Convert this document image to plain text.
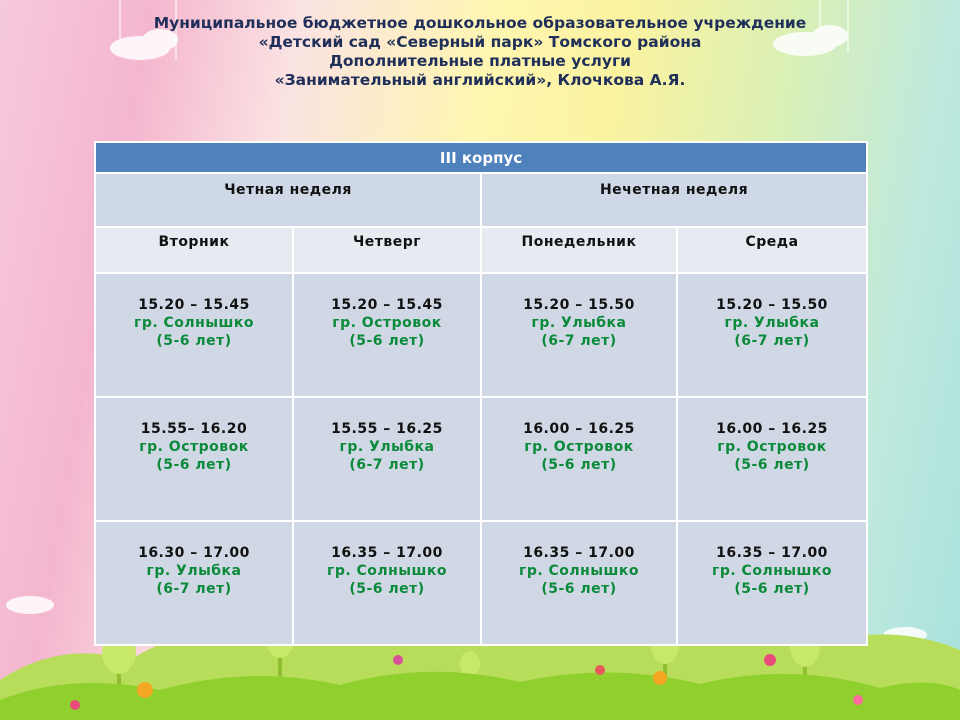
Муниципальное бюджетное дошкольное образовательное учреждение
«Детский сад «Северный парк» Томского района
Дополнительные платные услуги
«Занимательный английский», Клочкова А.Я.
III корпус			
Четная неделя		Нечетная неделя	
Вторник	Четверг	Понедельник	Среда

15.20 – 15.45
гр. Солнышко
(5-6 лет)	15.20 – 15.45
гр. Островок
(5-6 лет)	15.20 – 15.50
гр. Улыбка
(6-7 лет)	15.20 – 15.50
гр. Улыбка
(6-7 лет)

15.55– 16.20
гр. Островок
(5-6 лет)	15.55 – 16.25
гр. Улыбка
(6-7 лет)	16.00 – 16.25
гр. Островок
(5-6 лет)	16.00 – 16.25
гр. Островок
(5-6 лет)

16.30 – 17.00
гр. Улыбка
(6-7 лет)	16.35 – 17.00
гр. Солнышко
(5-6 лет)	16.35 – 17.00
гр. Солнышко
(5-6 лет)	16.35 – 17.00
гр. Солнышко
(5-6 лет)
